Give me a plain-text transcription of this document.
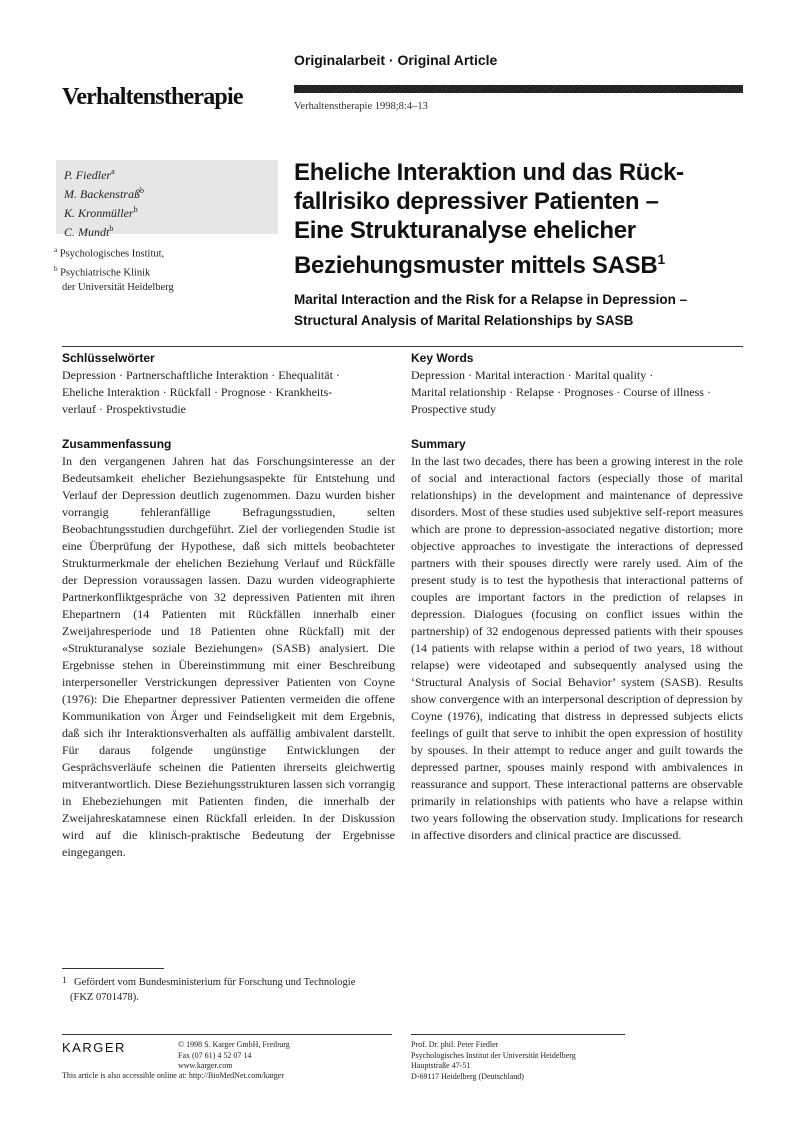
Originalarbeit · Original Article
Verhaltenstherapie	Verhaltenstherapie 1998;8:4–13
P. Fiedler$^a$
M. Backenstraß$^b$
K. Kronmüller$^b$
C. Mundt$^b$
$^a$ Psychologisches Institut,
$^b$ Psychiatrische Klinik
der Universität Heidelberg
Eheliche Interaktion und das Rück-
fallrisiko depressiver Patienten –
Eine Strukturanalyse ehelicher
Beziehungsmuster mittels SASB$^1$
Marital Interaction and the Risk for a Relapse in Depression –
Structural Analysis of Marital Relationships by SASB
Schlüsselwörter
Depression · Partnerschaftliche Interaktion · Ehequalität ·
Eheliche Interaktion · Rückfall · Prognose · Krankheits-
verlauf · Prospektivstudie
Key Words
Depression · Marital interaction · Marital quality ·
Marital relationship · Relapse · Prognoses · Course of illness ·
Prospective study
Zusammenfassung
In den vergangenen Jahren hat das Forschungsinteresse an der Bedeutsamkeit ehelicher Beziehungsaspekte für Entstehung und Verlauf der Depression deutlich zugenommen. Dazu wurden bisher vorrangig fehleranfällige Befragungsstudien, selten Beobachtungsstudien durchgeführt. Ziel der vorliegenden Studie ist eine Überprüfung der Hypothese, daß sich mittels beobachteter Strukturmerkmale der ehelichen Beziehung Verlauf und Rückfälle der Depression voraussagen lassen. Dazu wurden videographierte Partnerkonfliktgespräche von 32 depressiven Patienten mit ihren Ehepartnern (14 Patienten mit Rückfällen innerhalb einer Zweijahresperiode und 18 Patienten ohne Rückfall) mit der «Strukturanalyse soziale Beziehungen» (SASB) analysiert. Die Ergebnisse stehen in Übereinstimmung mit einer Beschreibung interpersoneller Verstrickungen depressiver Patienten von Coyne (1976): Die Ehepartner depressiver Patienten vermeiden die offene Kommunikation von Ärger und Feindseligkeit mit dem Ergebnis, daß sich ihr Interaktionsverhalten als auffällig ambivalent darstellt. Für daraus folgende ungünstige Entwicklungen der Gesprächsverläufe scheinen die Patienten ihrerseits gleichwertig mitverantwortlich. Diese Beziehungsstrukturen lassen sich vorrangig in Ehebeziehungen mit Patienten finden, die innerhalb der Zweijahreskatamnese einen Rückfall erleiden. In der Diskussion wird auf die klinisch-praktische Bedeutung der Ergebnisse eingegangen.
Summary
In the last two decades, there has been a growing interest in the role of social and interactional factors (especially those of marital relationships) in the development and maintenance of depressive disorders. Most of these studies used subjektive self-report measures which are prone to depression-associated negative distortion; more objective approaches to investigate the interactions of depressed partners with their spouses directly were rarely used. Aim of the present study is to test the hypothesis that interactional patterns of couples are important factors in the prediction of relapses in depression. Dialogues (focusing on conflict issues within the partnership) of 32 endogenous depressed patients with their spouses (14 patients with relapse within a period of two years, 18 without relapse) were videotaped and subsequently analysed using the ‘Structural Analysis of Social Behavior’ system (SASB). Results show convergence with an interpersonal description of depression by Coyne (1976), indicating that distress in depressed subjects elicts feelings of guilt that serve to inhibit the open expression of hostility by spouses. In their attempt to reduce anger and guilt towards the depressed partner, spouses mainly respond with ambivalences in reassurance and support. These interactional patterns are observable primarily in relationships with patients who have a relapse within two years following the observation study. Implications for research in affective disorders and clinical practice are discussed.
1 Gefördert vom Bundesministerium für Forschung und Technologie
(FKZ 0701478).
KARGER	© 1998 S. Karger GmbH, Freiburg
Fax (07 61) 4 52 07 14
www.karger.com
This article is also accessible online at: http://BioMedNet.com/karger
Prof. Dr. phil. Peter Fiedler
Psychologisches Institut der Universität Heidelberg
Hauptstraße 47-51
D-69117 Heidelberg (Deutschland)
